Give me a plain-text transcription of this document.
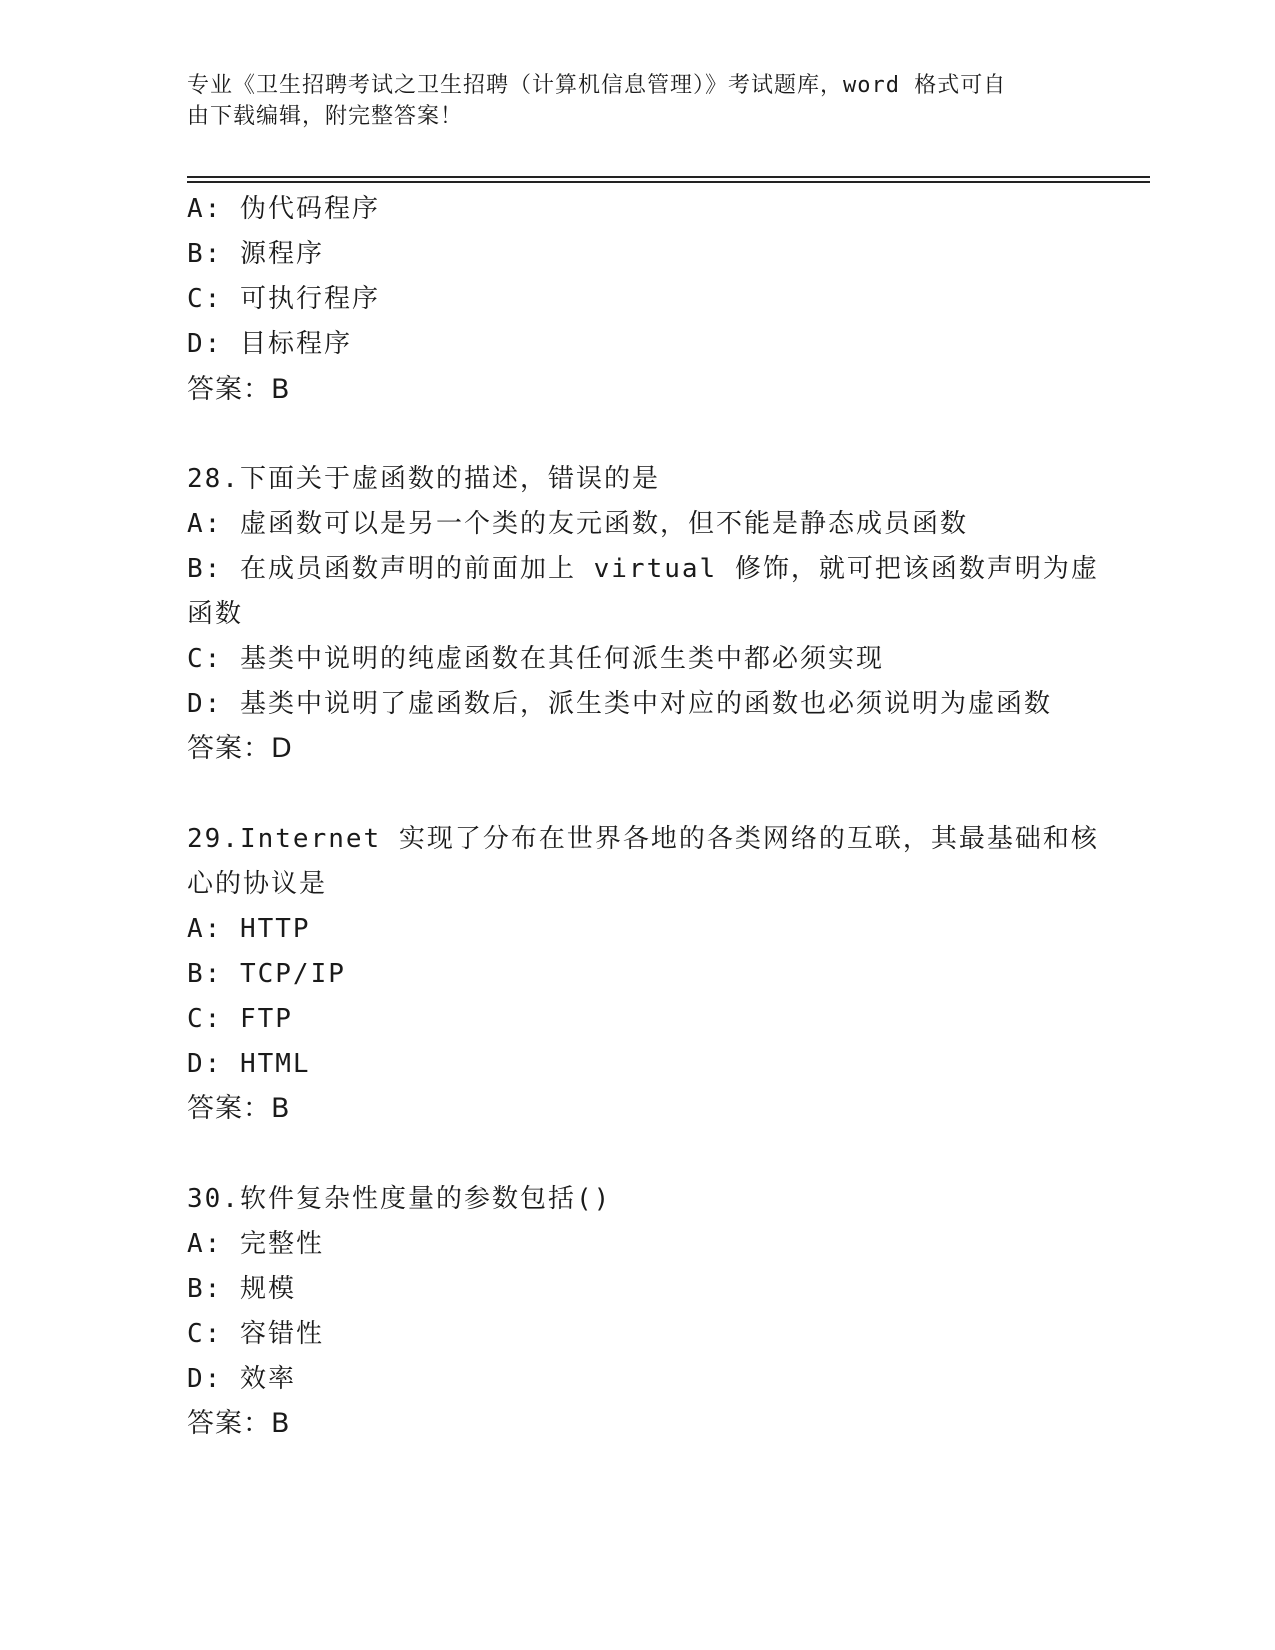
专业《卫生招聘考试之卫生招聘（计算机信息管理）》考试题库，word 格式可自
由下载编辑，附完整答案！
A: 伪代码程序
B: 源程序
C: 可执行程序
D: 目标程序
答案：B
28.下面关于虚函数的描述，错误的是
A: 虚函数可以是另一个类的友元函数，但不能是静态成员函数
B: 在成员函数声明的前面加上 virtual 修饰，就可把该函数声明为虚
函数
C: 基类中说明的纯虚函数在其任何派生类中都必须实现
D: 基类中说明了虚函数后，派生类中对应的函数也必须说明为虚函数
答案：D
29.Internet 实现了分布在世界各地的各类网络的互联，其最基础和核
心的协议是
A: HTTP
B: TCP/IP
C: FTP
D: HTML
答案：B
30.软件复杂性度量的参数包括()
A: 完整性
B: 规模
C: 容错性
D: 效率
答案：B
